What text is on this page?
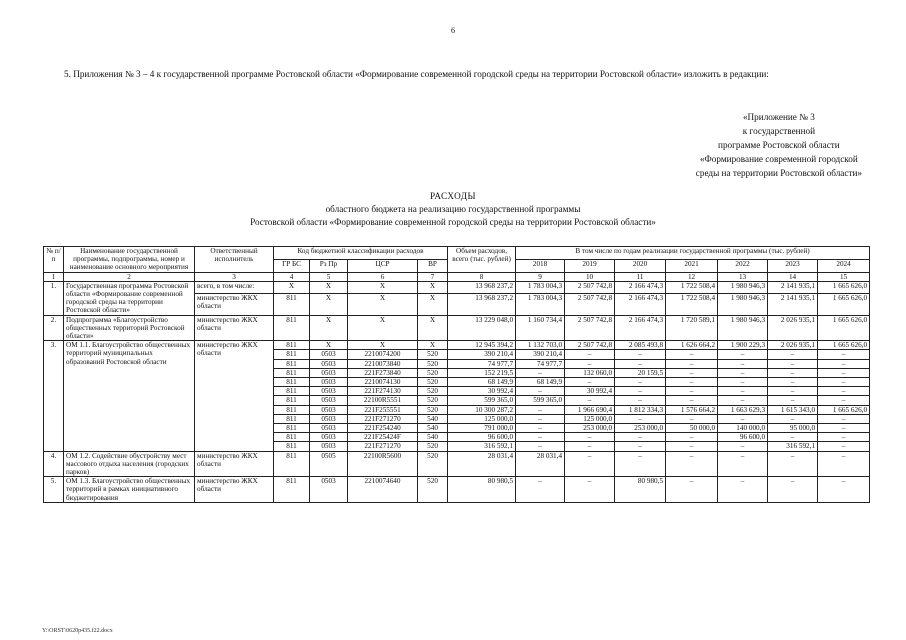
6
5. Приложения № 3 – 4 к государственной программе Ростовской области «Формирование современной городской среды на территории Ростовской области» изложить в редакции:
«Приложение № 3
к государственной
программе Ростовской области
«Формирование современной городской
среды на территории Ростовской области»
РАСХОДЫ
областного бюджета на реализацию государственной программы
Ростовской области «Формирование современной городской среды на территории Ростовской области»
№ п/п	Наименование государственной программы, подпрограммы, номер и наименование основного мероприятия	Ответственный исполнитель	Код бюджетной классификации расходов				Объем расходов, всего (тыс. рублей)	В том числе по годам реализации государственной программы (тыс. рублей)						
			ГР БС	Рз Пр	ЦСР	ВР		2018	2019	2020	2021	2022	2023	2024
1	2	3	4	5	6	7	8	9	10	11	12	13	14	15
1.	Государственная программа Ростовской области «Формирование современной городской среды на территории Ростовской области»	всего, в том числе:	Х	Х	Х	Х	13 968 237,2	1 783 004,3	2 507 742,8	2 166 474,3	1 722 508,4	1 980 946,3	2 141 935,1	1 665 626,0
		министерство ЖКХ области	811	Х	Х	Х	13 968 237,2	1 783 004,3	2 507 742,8	2 166 474,3	1 722 508,4	1 980 946,3	2 141 935,1	1 665 626,0
2.	Подпрограмма «Благоустройство общественных территорий Ростовской области»	министерство ЖКХ области	811	Х	Х	Х	13 229 048,0	1 160 734,4	2 507 742,8	2 166 474,3	1 720 589,1	1 980 946,3	2 026 935,1	1 665 626,0
3.	ОМ 1.1. Благоустройство общественных территорий муниципальных образований Ростовской области	министерство ЖКХ области	811	Х	Х	Х	12 945 394,2	1 132 703,0	2 507 742,8	2 085 493,8	1 626 664,2	1 900 229,3	2 026 935,1	1 665 626,0
			811	0503	2210074200	520	390 210,4	390 210,4	–	–	–	–	–	–
			811	0503	2210073840	520	74 977,7	74 977,7	–	–	–	–	–	–
			811	0503	221F273840	520	152 219,5	–	132 060,0	20 159,5	–	–	–	–
			811	0503	2210074130	520	68 149,9	68 149,9	–	–	–	–	–	–
			811	0503	221F274130	520	30 992,4	–	30 992,4	–	–	–	–	–
			811	0503	22100R5551	520	599 365,0	599 365,0	–	–	–	–	–	–
			811	0503	221F255551	520	10 300 287,2	–	1 966 690,4	1 812 334,3	1 576 664,2	1 663 629,3	1 615 343,0	1 665 626,0
			811	0503	221F271270	540	125 000,0	–	125 000,0	–	–	–	–	–
			811	0503	221F254240	540	791 000,0	–	253 000,0	253 000,0	50 000,0	140 000,0	95 000,0	–
			811	0503	221F25424F	540	96 600,0	–	–	–	–	96 600,0	–	–
			811	0503	221F271270	520	316 592,1	–	–	–	–	–	316 592,1	–
4.	ОМ 1.2. Содействие обустройству мест массового отдыха населения (городских парков)	министерство ЖКХ области	811	0505	22100R5600	520	28 031,4	28 031,4	–	–	–	–	–	–
5.	ОМ 1.3. Благоустройство общественных территорий в рамках инициативного бюджетирования	министерство ЖКХ области	811	0503	2210074640	520	80 980,5	–	–	80 980,5	–	–	–	–
Y:\ORST\0620p435.f22.docx
